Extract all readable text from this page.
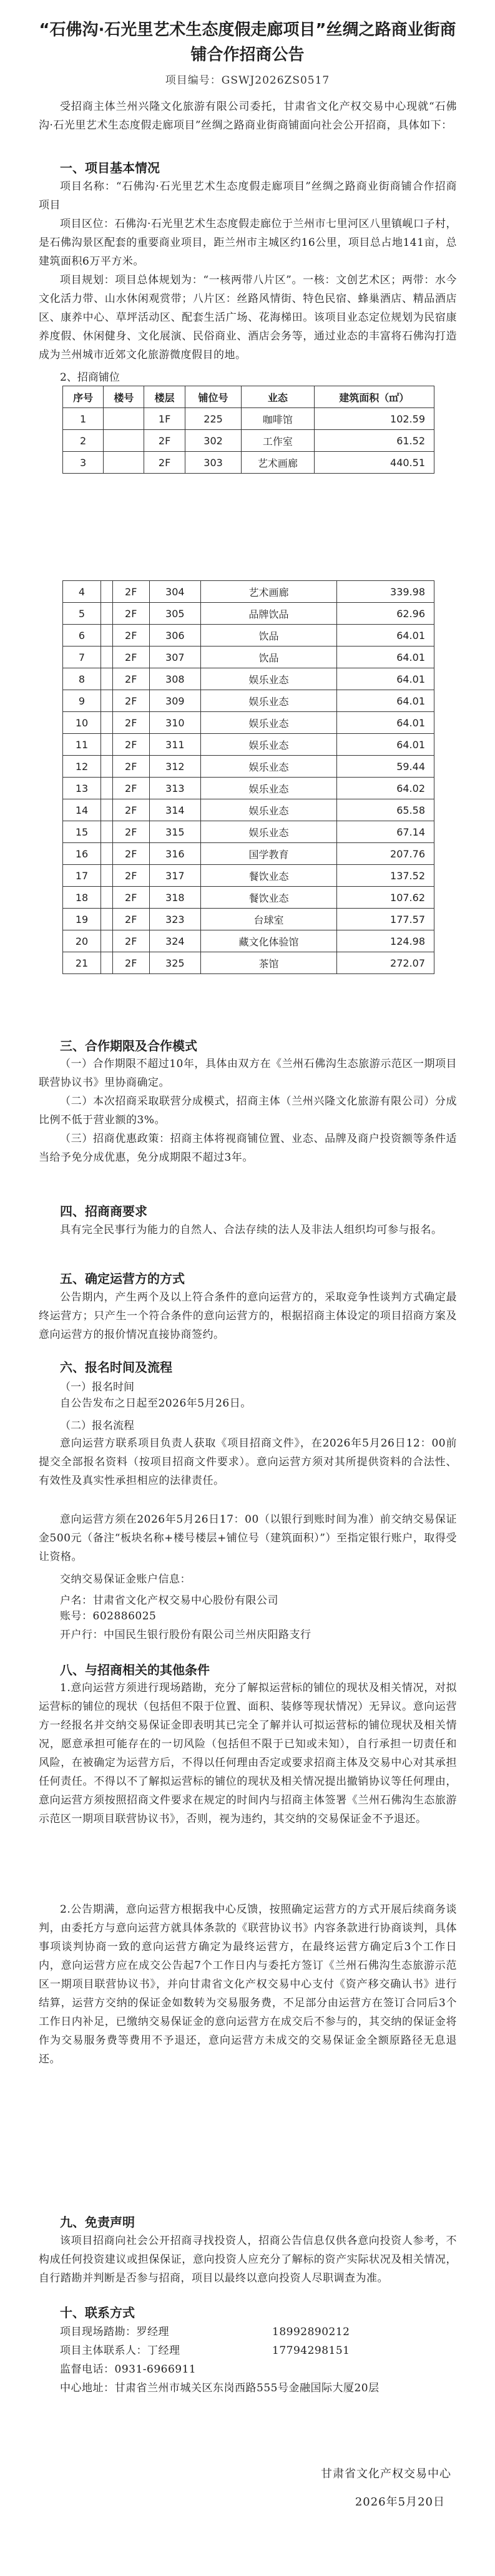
“石佛沟·石光里艺术生态度假走廊项目”丝绸之路商业街商铺合作招商公告
项目编号：GSWJ2026ZS0517
受招商主体兰州兴隆文化旅游有限公司委托，甘肃省文化产权交易中心现就“石佛沟·石光里艺术生态度假走廊项目”丝绸之路商业街商铺面向社会公开招商，具体如下：
一、项目基本情况
项目名称：“石佛沟·石光里艺术生态度假走廊项目”丝绸之路商业街商铺合作招商项目
项目区位：石佛沟·石光里艺术生态度假走廊位于兰州市七里河区八里镇岘口子村，是石佛沟景区配套的重要商业项目，距兰州市主城区约16公里，项目总占地141亩，总建筑面积6万平方米。
项目规划：项目总体规划为：“一核两带八片区”。一核：文创艺术区；两带：水今文化活力带、山水休闲观赏带；八片区：丝路风情街、特色民宿、蜂巢酒店、精品酒店区、康养中心、草坪活动区、配套生活广场、花海梯田。该项目业态定位规划为民宿康养度假、休闲健身、文化展演、民俗商业、酒店会务等，通过业态的丰富将石佛沟打造成为兰州城市近郊文化旅游微度假目的地。
2、招商铺位
序号	楼号	楼层	铺位号	业态	建筑面积（㎡）
1		1F	225	咖啡馆	102.59
2		2F	302	工作室	61.52
3		2F	303	艺术画廊	440.51
4		2F	304	艺术画廊	339.98
5		2F	305	品牌饮品	62.96
6		2F	306	饮品	64.01
7		2F	307	饮品	64.01
8		2F	308	娱乐业态	64.01
9		2F	309	娱乐业态	64.01
10		2F	310	娱乐业态	64.01
11		2F	311	娱乐业态	64.01
12		2F	312	娱乐业态	59.44
13		2F	313	娱乐业态	64.02
14		2F	314	娱乐业态	65.58
15		2F	315	娱乐业态	67.14
16		2F	316	国学教育	207.76
17		2F	317	餐饮业态	137.52
18		2F	318	餐饮业态	107.62
19		2F	323	台球室	177.57
20		2F	324	藏文化体验馆	124.98
21		2F	325	茶馆	272.07
三、合作期限及合作模式
（一）合作期限不超过10年，具体由双方在《兰州石佛沟生态旅游示范区一期项目联营协议书》里协商确定。
（二）本次招商采取联营分成模式，招商主体（兰州兴隆文化旅游有限公司）分成比例不低于营业额的3%。
（三）招商优惠政策：招商主体将视商铺位置、业态、品牌及商户投资额等条件适当给予免分成优惠，免分成期限不超过3年。
四、招商商要求
具有完全民事行为能力的自然人、合法存续的法人及非法人组织均可参与报名。
五、确定运营方的方式
公告期内，产生两个及以上符合条件的意向运营方的，采取竞争性谈判方式确定最终运营方；只产生一个符合条件的意向运营方的，根据招商主体设定的项目招商方案及意向运营方的报价情况直接协商签约。
六、报名时间及流程
（一）报名时间
自公告发布之日起至2026年5月26日。
（二）报名流程
意向运营方联系项目负责人获取《项目招商文件》，在2026年5月26日12：00前提交全部报名资料（按项目招商文件要求）。意向运营方须对其所提供资料的合法性、有效性及真实性承担相应的法律责任。
意向运营方须在2026年5月26日17：00（以银行到账时间为准）前交纳交易保证金500元（备注“板块名称+楼号楼层+铺位号（建筑面积）”）至指定银行账户，取得受让资格。
交纳交易保证金账户信息：
户名：甘肃省文化产权交易中心股份有限公司
账号：602886025
开户行：中国民生银行股份有限公司兰州庆阳路支行
八、与招商相关的其他条件
1.意向运营方须进行现场踏勘，充分了解拟运营标的铺位的现状及相关情况，对拟运营标的铺位的现状（包括但不限于位置、面积、装修等现状情况）无异议。意向运营方一经报名并交纳交易保证金即表明其已完全了解并认可拟运营标的铺位现状及相关情况，愿意承担可能存在的一切风险（包括但不限于已知或未知），自行承担一切责任和风险，在被确定为运营方后，不得以任何理由否定或要求招商主体及交易中心对其承担任何责任。不得以不了解拟运营标的铺位的现状及相关情况提出撤销协议等任何理由，意向运营方须按照招商文件要求在规定的时间内与招商主体签署《兰州石佛沟生态旅游示范区一期项目联营协议书》，否则，视为违约，其交纳的交易保证金不予退还。
2.公告期满，意向运营方根据我中心反馈，按照确定运营方的方式开展后续商务谈判，由委托方与意向运营方就具体条款的《联营协议书》内容条款进行协商谈判，具体事项谈判协商一致的意向运营方确定为最终运营方，在最终运营方确定后3个工作日内，意向运营方应在成交公告起7个工作日内与委托方签订《兰州石佛沟生态旅游示范区一期项目联营协议书》，并向甘肃省文化产权交易中心支付《资产移交确认书》进行结算，运营方交纳的保证金如数转为交易服务费，不足部分由运营方在签订合同后3个工作日内补足，已缴纳交易保证金的意向运营方在成交后不参与的，其交纳的保证金将作为交易服务费等费用不予退还，意向运营方未成交的交易保证金全额原路径无息退还。
九、免责声明
该项目招商向社会公开招商寻找投资人，招商公告信息仅供各意向投资人参考，不构成任何投资建议或担保保证，意向投资人应充分了解标的资产实际状况及相关情况，自行踏勘并判断是否参与招商，项目以最终以意向投资人尽职调查为准。
十、联系方式
项目现场踏勘：罗经理	18992890212
项目主体联系人：丁经理	17794298151
监督电话：0931-6966911
中心地址：甘肃省兰州市城关区东岗西路555号金融国际大厦20层
甘肃省文化产权交易中心
2026年5月20日
